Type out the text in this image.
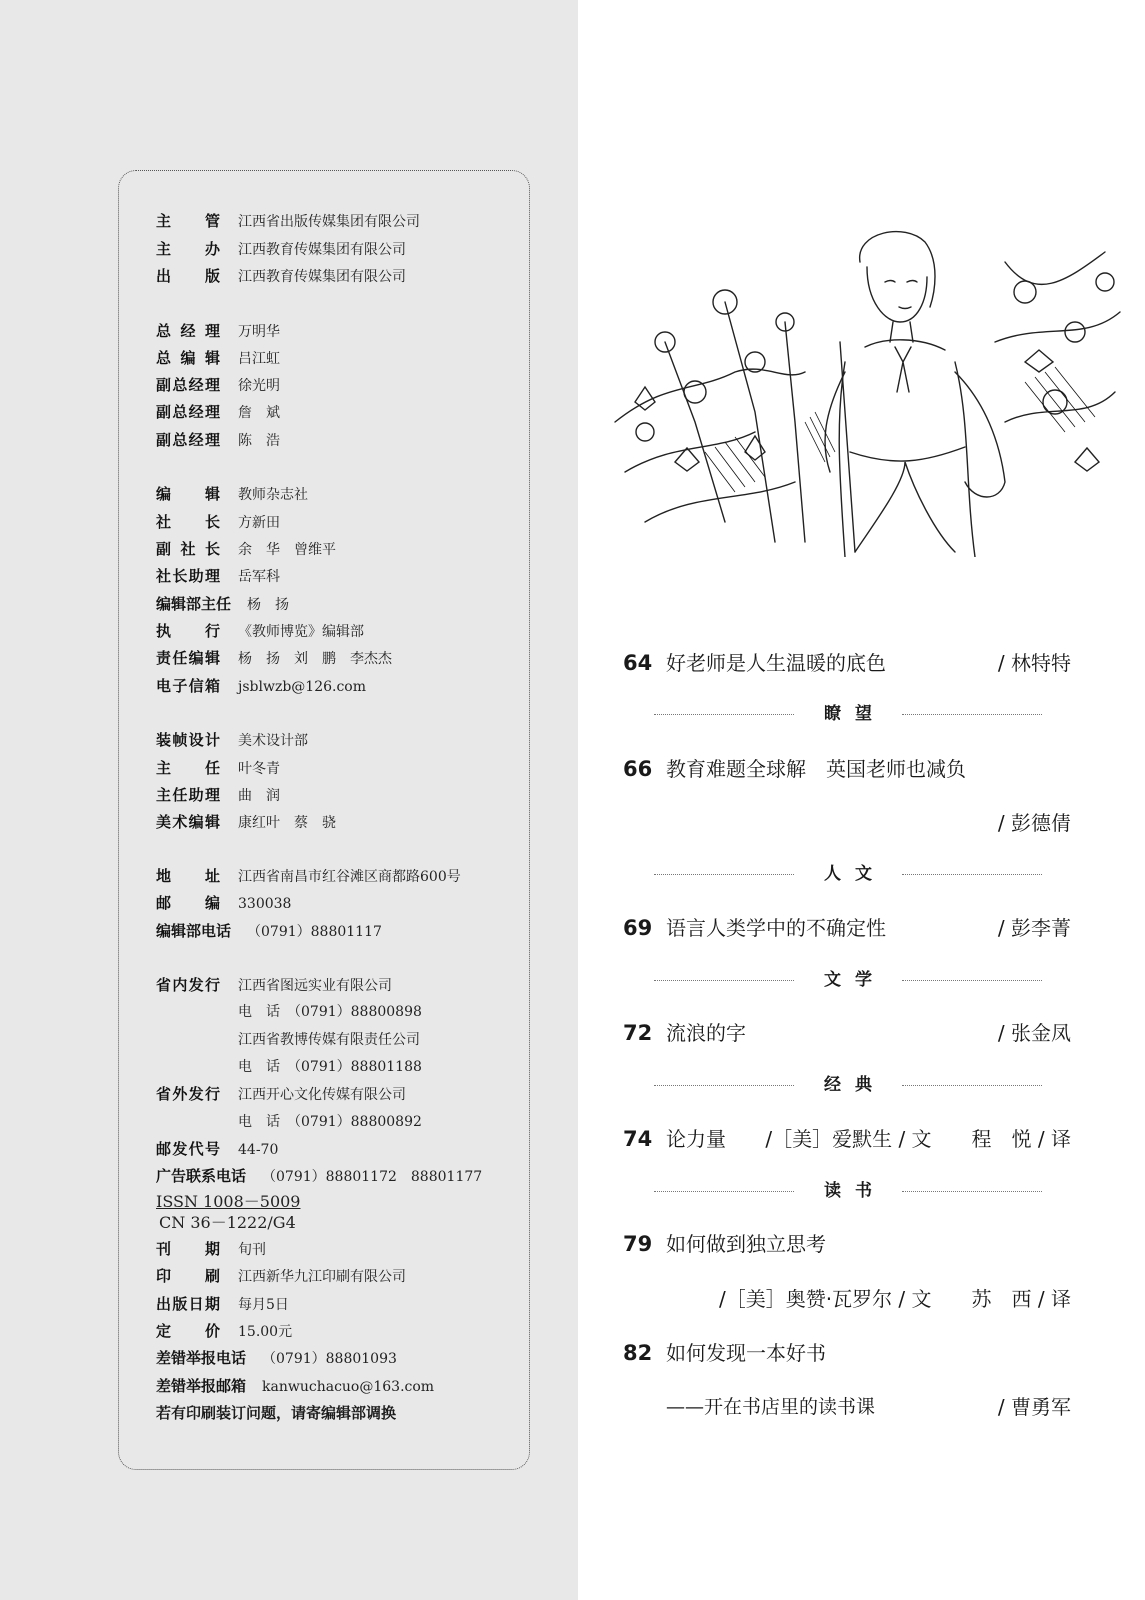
主　管 江西省出版传媒集团有限公司
主　办 江西教育传媒集团有限公司
出　版 江西教育传媒集团有限公司
总经理 万明华
总编辑 吕江虹
副总经理 徐光明
副总经理 詹　斌
副总经理 陈　浩
编　辑 教师杂志社
社　长 方新田
副社长 余　华　曾维平
社长助理 岳军科
编辑部主任 杨　扬
执　行 《教师博览》编辑部
责任编辑 杨　扬　刘　鹏　李杰杰
电子信箱 jsblwzb@126.com
装帧设计 美术设计部
主　任 叶冬青
主任助理 曲　润
美术编辑 康红叶　蔡　骁
地　址 江西省南昌市红谷滩区商都路600号
邮　编 330038
编辑部电话 （0791）88801117
省内发行 江西省图远实业有限公司
电　话　（0791）88800898
江西省教博传媒有限责任公司
电　话　（0791）88801188
省外发行 江西开心文化传媒有限公司
电　话　（0791）88800892
邮发代号 44-70
广告联系电话 （0791）88801172　88801177
ISSN 1008－5009
CN 36－1222/G4
刊　期 旬刊
印　刷 江西新华九江印刷有限公司
出版日期 每月5日
定　价 15.00元
差错举报电话 （0791）88801093
差错举报邮箱 kanwuchacuo@163.com
若有印刷装订问题，请寄编辑部调换
64 好老师是人生温暖的底色	/ 林特特
瞭望
66 教育难题全球解　英国老师也减负
/ 彭德倩
人文
69 语言人类学中的不确定性	/ 彭李菁
文学
72 流浪的字	/ 张金凤
经典
74 论力量 /［美］爱默生 / 文　　程　悦 / 译
读书
79 如何做到独立思考
/［美］奥赞·瓦罗尔 / 文　　苏　西 / 译
82 如何发现一本好书
——开在书店里的读书课	/ 曹勇军
